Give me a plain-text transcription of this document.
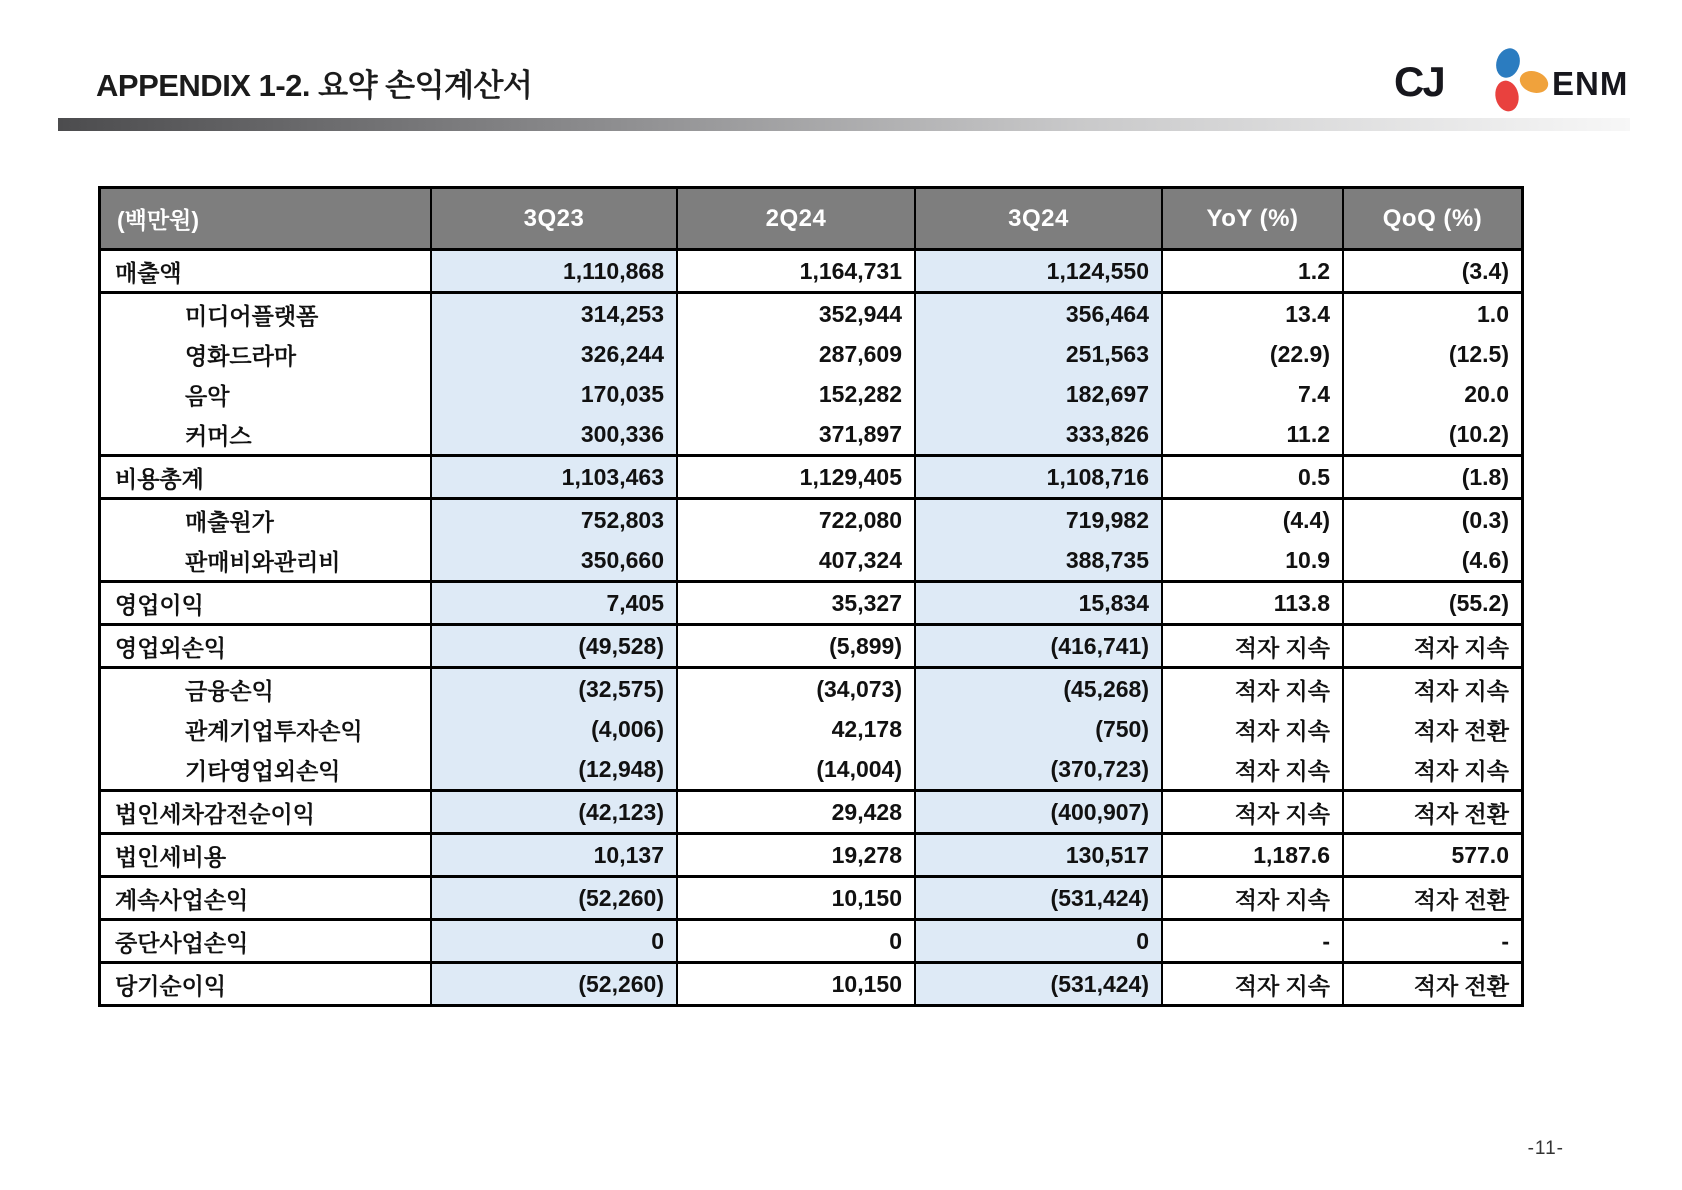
APPENDIX 1-2. 요약 손익계산서	CJ	ENM
(백만원)	3Q23	2Q24	3Q24	YoY (%)	QoQ (%)
매출액	1,110,868	1,164,731	1,124,550	1.2	(3.4)
미디어플랫폼	314,253	352,944	356,464	13.4	1.0
영화드라마	326,244	287,609	251,563	(22.9)	(12.5)
음악	170,035	152,282	182,697	7.4	20.0
커머스	300,336	371,897	333,826	11.2	(10.2)
비용총계	1,103,463	1,129,405	1,108,716	0.5	(1.8)
매출원가	752,803	722,080	719,982	(4.4)	(0.3)
판매비와관리비	350,660	407,324	388,735	10.9	(4.6)
영업이익	7,405	35,327	15,834	113.8	(55.2)
영업외손익	(49,528)	(5,899)	(416,741)	적자 지속	적자 지속
금융손익	(32,575)	(34,073)	(45,268)	적자 지속	적자 지속
관계기업투자손익	(4,006)	42,178	(750)	적자 지속	적자 전환
기타영업외손익	(12,948)	(14,004)	(370,723)	적자 지속	적자 지속
법인세차감전순이익	(42,123)	29,428	(400,907)	적자 지속	적자 전환
법인세비용	10,137	19,278	130,517	1,187.6	577.0
계속사업손익	(52,260)	10,150	(531,424)	적자 지속	적자 전환
중단사업손익	0	0	0	-	-
당기순이익	(52,260)	10,150	(531,424)	적자 지속	적자 전환
-11-
